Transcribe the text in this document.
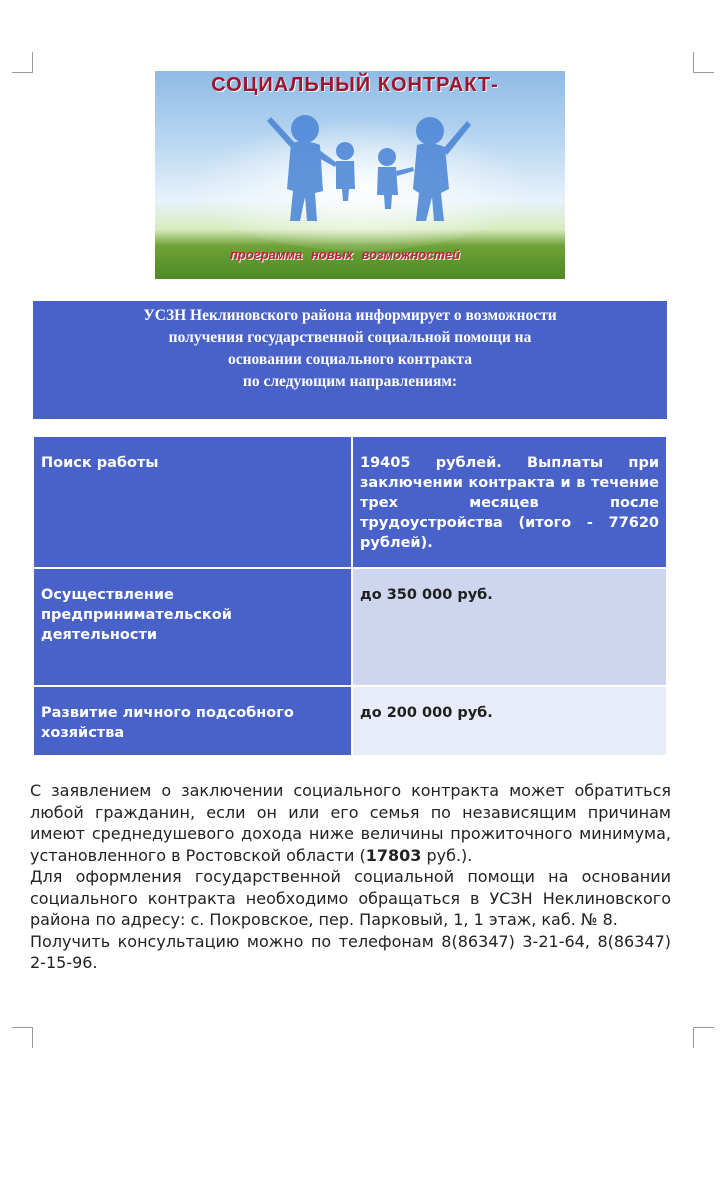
СОЦИАЛЬНЫЙ КОНТРАКТ-
программа новых возможностей
УСЗН Неклиновского района информирует о возможности
получения государственной социальной помощи на
основании социального контракта
по следующим направлениям:
Поиск работы	19405 рублей. Выплаты при заключении контракта и в течение трех месяцев после трудоустройства (итого - 77620 рублей).
Осуществление предпринимательской деятельности	до 350 000 руб.
Развитие личного подсобного хозяйства	до 200 000 руб.

С заявлением о заключении социального контракта может обратиться любой гражданин, если он или его семья по независящим причинам имеют среднедушевого дохода ниже величины прожиточного минимума, установленного в Ростовской области (17803 руб.).

Для оформления государственной социальной помощи на основании социального контракта необходимо обращаться в УСЗН Неклиновского района по адресу: с. Покровское, пер. Парковый, 1, 1 этаж, каб. № 8.

Получить консультацию можно по телефонам 8(86347) 3-21-64, 8(86347) 2-15-96.
